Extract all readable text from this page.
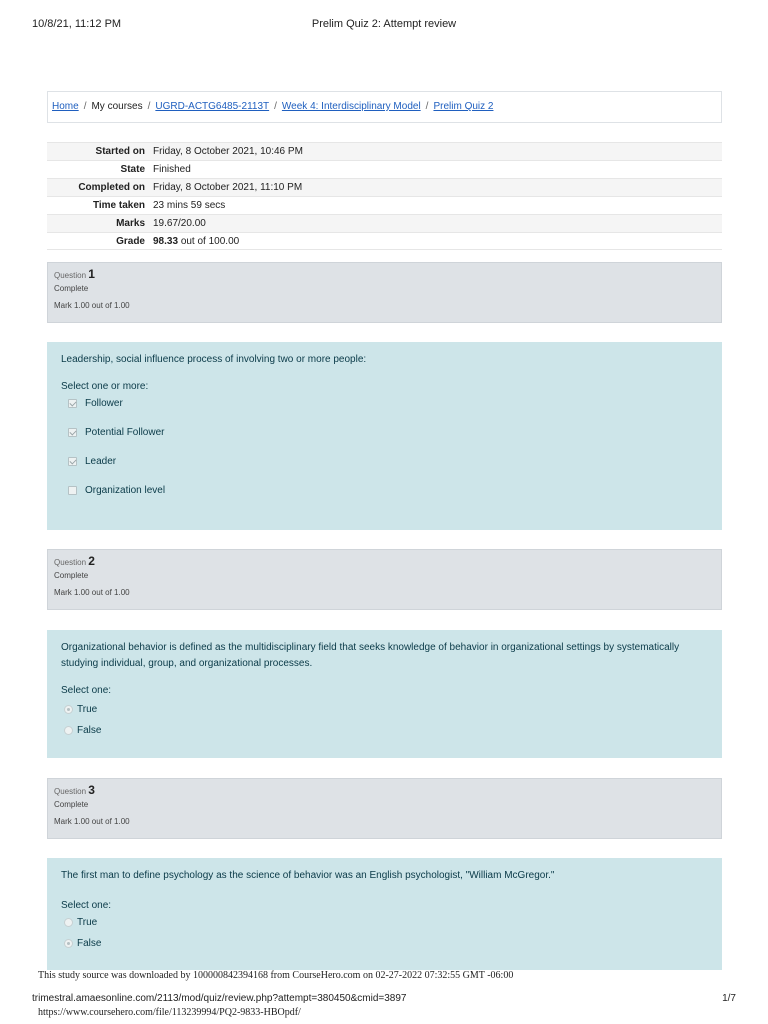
10/8/21, 11:12 PM	Prelim Quiz 2: Attempt review
Home / My courses / UGRD-ACTG6485-2113T / Week 4: Interdisciplinary Model / Prelim Quiz 2
Started on Friday, 8 October 2021, 10:46 PM
State Finished
Completed on Friday, 8 October 2021, 11:10 PM
Time taken 23 mins 59 secs
Marks 19.67/20.00
Grade 98.33 out of 100.00
Question 1
Complete
Mark 1.00 out of 1.00
Leadership, social influence process of involving two or more people:
Select one or more:
Follower
Potential Follower
Leader
Organization level
Question 2
Complete
Mark 1.00 out of 1.00
Organizational behavior is defined as the multidisciplinary field that seeks knowledge of behavior in organizational settings by systematically studying individual, group, and organizational processes.
Select one:
True
False
Question 3
Complete
Mark 1.00 out of 1.00
The first man to define psychology as the science of behavior was an English psychologist, "William McGregor."
Select one:
True
False
This study source was downloaded by 100000842394168 from CourseHero.com on 02-27-2022 07:32:55 GMT -06:00
trimestral.amaesonline.com/2113/mod/quiz/review.php?attempt=380450&cmid=3897	1/7
https://www.coursehero.com/file/113239994/PQ2-9833-HBOpdf/
